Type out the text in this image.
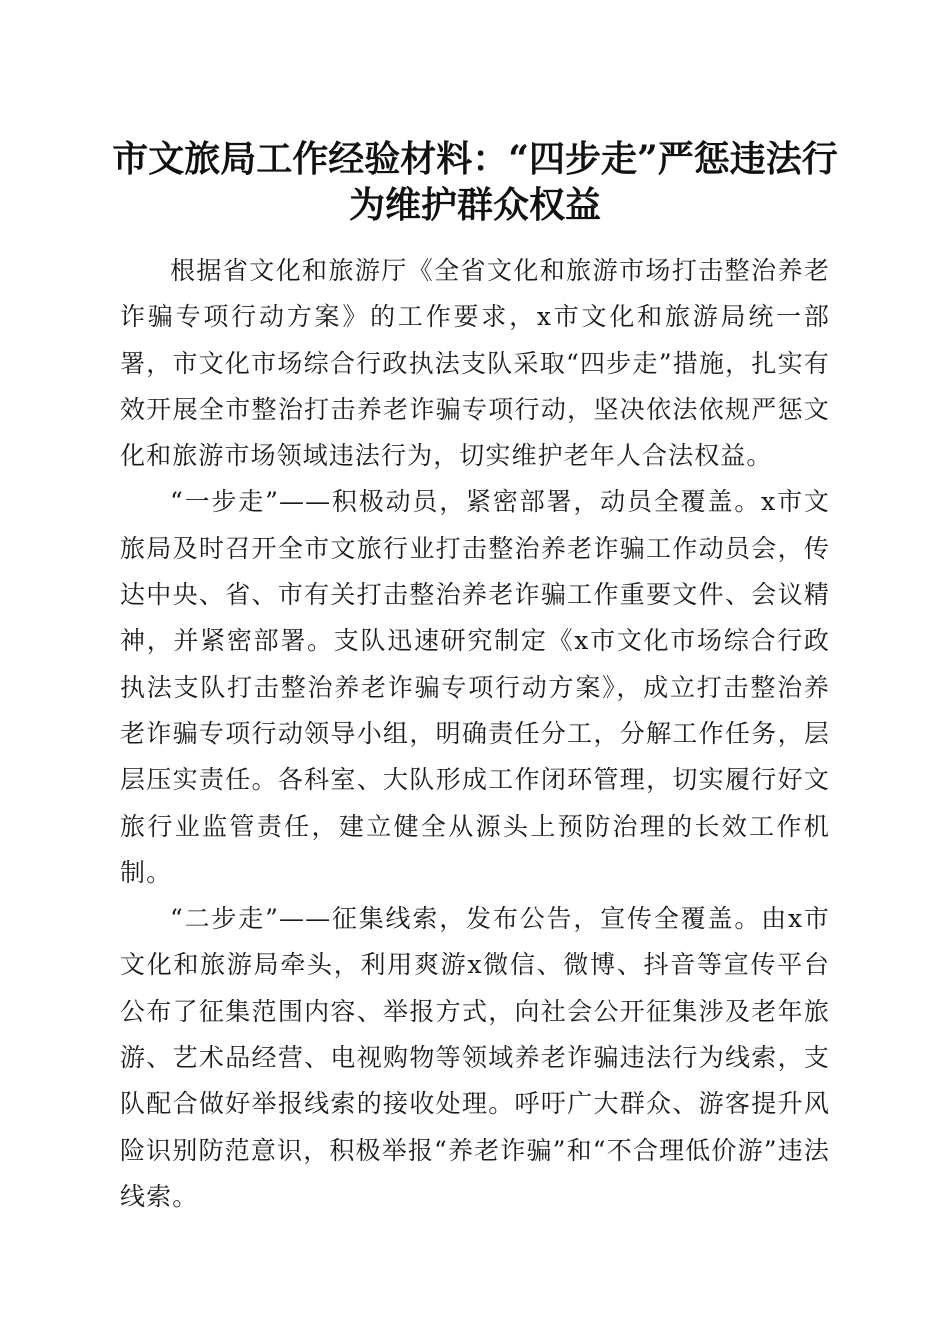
市文旅局工作经验材料：“四步走”严惩违法行为维护群众权益

根据省文化和旅游厅《全省文化和旅游市场打击整治养老诈骗专项行动方案》的工作要求，x市文化和旅游局统一部署，市文化市场综合行政执法支队采取“四步走”措施，扎实有效开展全市整治打击养老诈骗专项行动，坚决依法依规严惩文化和旅游市场领域违法行为，切实维护老年人合法权益。

“一步走”——积极动员，紧密部署，动员全覆盖。x市文旅局及时召开全市文旅行业打击整治养老诈骗工作动员会，传达中央、省、市有关打击整治养老诈骗工作重要文件、会议精神，并紧密部署。支队迅速研究制定《x市文化市场综合行政执法支队打击整治养老诈骗专项行动方案》，成立打击整治养老诈骗专项行动领导小组，明确责任分工，分解工作任务，层层压实责任。各科室、大队形成工作闭环管理，切实履行好文旅行业监管责任，建立健全从源头上预防治理的长效工作机制。

“二步走”——征集线索，发布公告，宣传全覆盖。由x市文化和旅游局牵头，利用爽游x微信、微博、抖音等宣传平台公布了征集范围内容、举报方式，向社会公开征集涉及老年旅游、艺术品经营、电视购物等领域养老诈骗违法行为线索，支队配合做好举报线索的接收处理。呼吁广大群众、游客提升风险识别防范意识，积极举报“养老诈骗”和“不合理低价游”违法线索。
